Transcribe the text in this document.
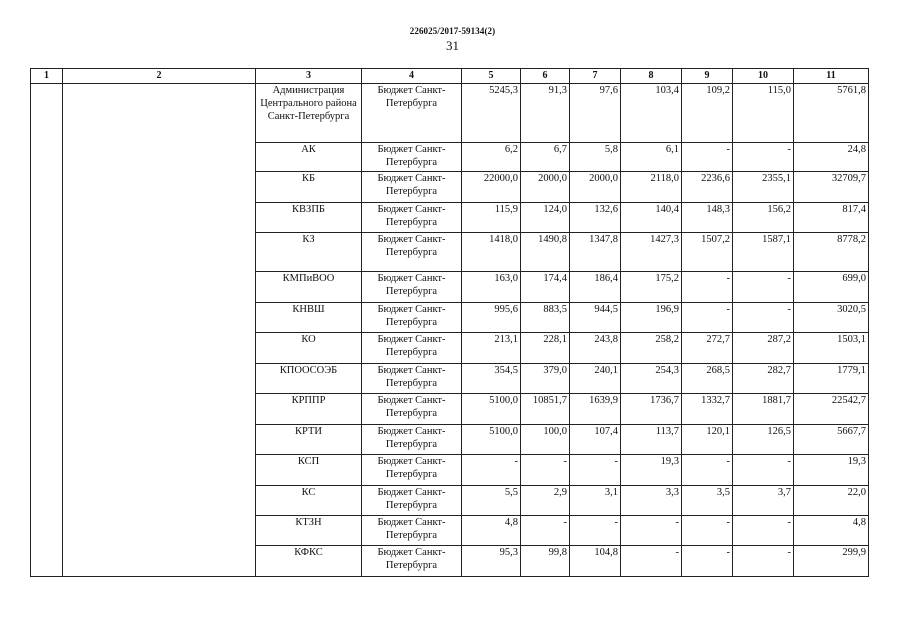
226025/2017-59134(2)
31
1	2	3	4	5	6	7	8	9	10	11
		Администрация Центрального района Санкт-Петербурга	Бюджет Санкт-Петербурга	5245,3	91,3	97,6	103,4	109,2	115,0	5761,8
		АК	Бюджет Санкт-Петербурга	6,2	6,7	5,8	6,1	-	-	24,8
		КБ	Бюджет Санкт-Петербурга	22000,0	2000,0	2000,0	2118,0	2236,6	2355,1	32709,7
		КВЗПБ	Бюджет Санкт-Петербурга	115,9	124,0	132,6	140,4	148,3	156,2	817,4
		КЗ	Бюджет Санкт-Петербурга	1418,0	1490,8	1347,8	1427,3	1507,2	1587,1	8778,2
		КМПиВОО	Бюджет Санкт-Петербурга	163,0	174,4	186,4	175,2	-	-	699,0
		КНВШ	Бюджет Санкт-Петербурга	995,6	883,5	944,5	196,9	-	-	3020,5
		КО	Бюджет Санкт-Петербурга	213,1	228,1	243,8	258,2	272,7	287,2	1503,1
		КПООСОЭБ	Бюджет Санкт-Петербурга	354,5	379,0	240,1	254,3	268,5	282,7	1779,1
		КРППР	Бюджет Санкт-Петербурга	5100,0	10851,7	1639,9	1736,7	1332,7	1881,7	22542,7
		КРТИ	Бюджет Санкт-Петербурга	5100,0	100,0	107,4	113,7	120,1	126,5	5667,7
		КСП	Бюджет Санкт-Петербурга	-	-	-	19,3	-	-	19,3
		КС	Бюджет Санкт-Петербурга	5,5	2,9	3,1	3,3	3,5	3,7	22,0
		КТЗН	Бюджет Санкт-Петербурга	4,8	-	-	-	-	-	4,8
		КФКС	Бюджет Санкт-Петербурга	95,3	99,8	104,8	-	-	-	299,9
